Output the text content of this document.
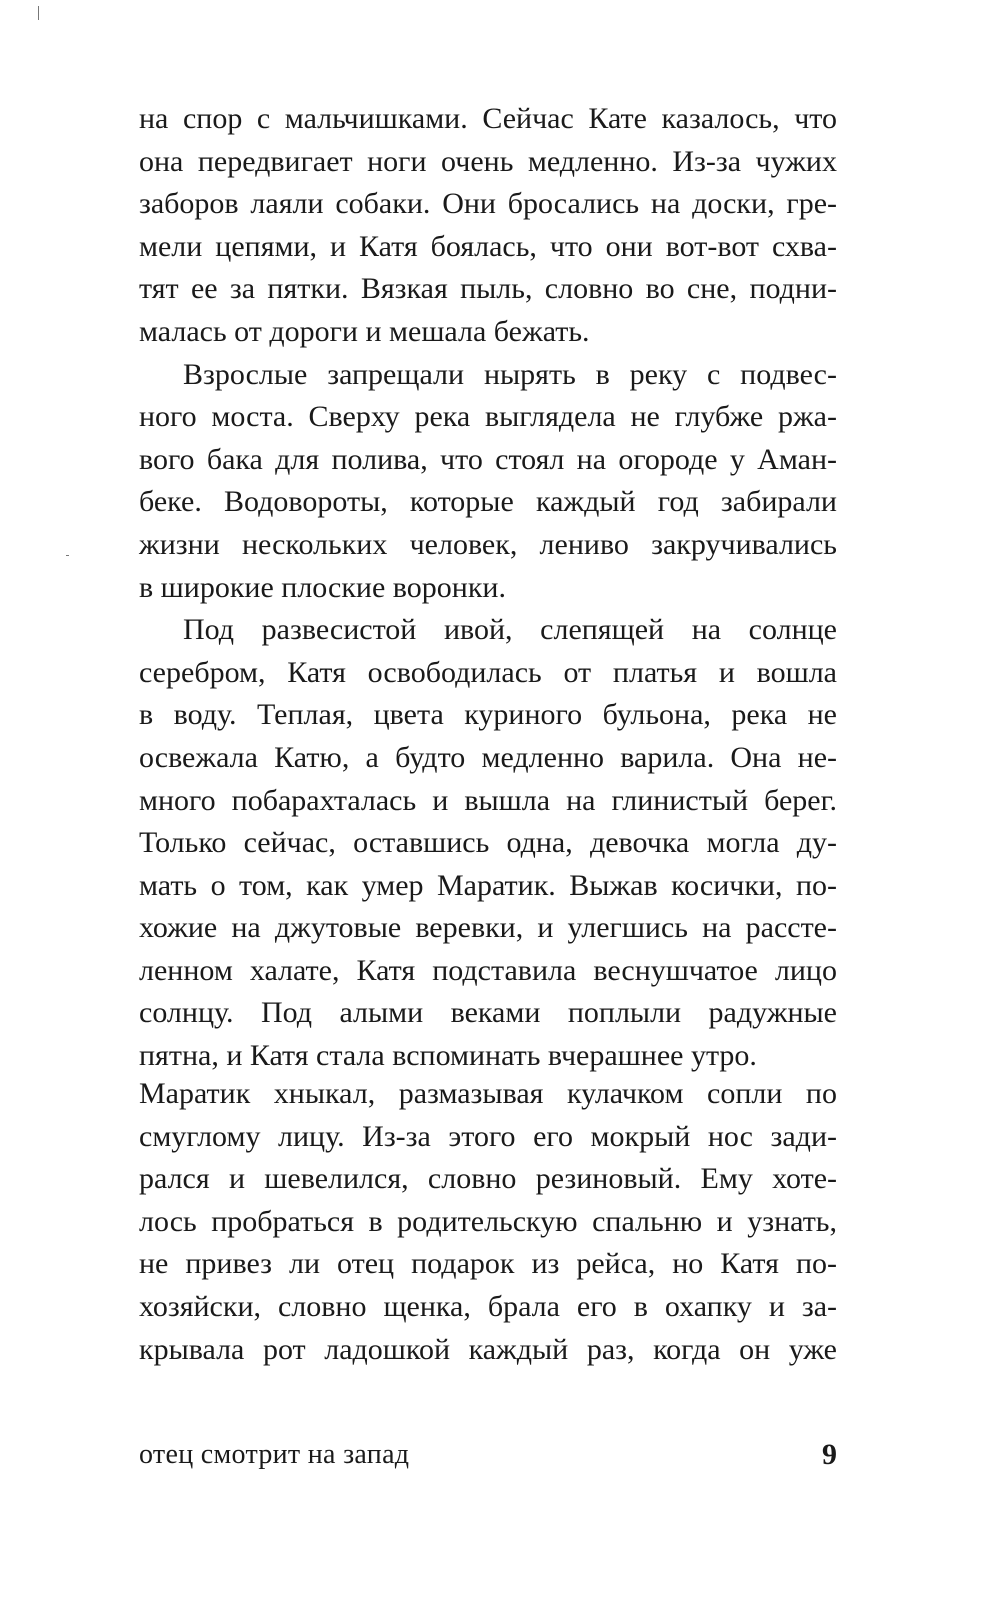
на спор с мальчишками. Сейчас Кате казалось, что
она передвигает ноги очень медленно. Из-за чужих
заборов лаяли собаки. Они бросались на доски, гре-
мели цепями, и Катя боялась, что они вот-вот схва-
тят ее за пятки. Вязкая пыль, словно во сне, подни-
малась от дороги и мешала бежать.
Взрослые запрещали нырять в реку с подвес-
ного моста. Сверху река выглядела не глубже ржа-
вого бака для полива, что стоял на огороде у Аман-
беке. Водовороты, которые каждый год забирали
жизни нескольких человек, лениво закручивались
в широкие плоские воронки.
Под развесистой ивой, слепящей на солнце
серебром, Катя освободилась от платья и вошла
в воду. Теплая, цвета куриного бульона, река не
освежала Катю, а будто медленно варила. Она не-
много побарахталась и вышла на глинистый берег.
Только сейчас, оставшись одна, девочка могла ду-
мать о том, как умер Маратик. Выжав косички, по-
хожие на джутовые веревки, и улегшись на рассте-
ленном халате, Катя подставила веснушчатое лицо
солнцу. Под алыми веками поплыли радужные
пятна, и Катя стала вспоминать вчерашнее утро.
Маратик хныкал, размазывая кулачком сопли по
смуглому лицу. Из-за этого его мокрый нос зади-
рался и шевелился, словно резиновый. Ему хоте-
лось пробраться в родительскую спальню и узнать,
не привез ли отец подарок из рейса, но Катя по-
хозяйски, словно щенка, брала его в охапку и за-
крывала рот ладошкой каждый раз, когда он уже
отец смотрит на запад	9
